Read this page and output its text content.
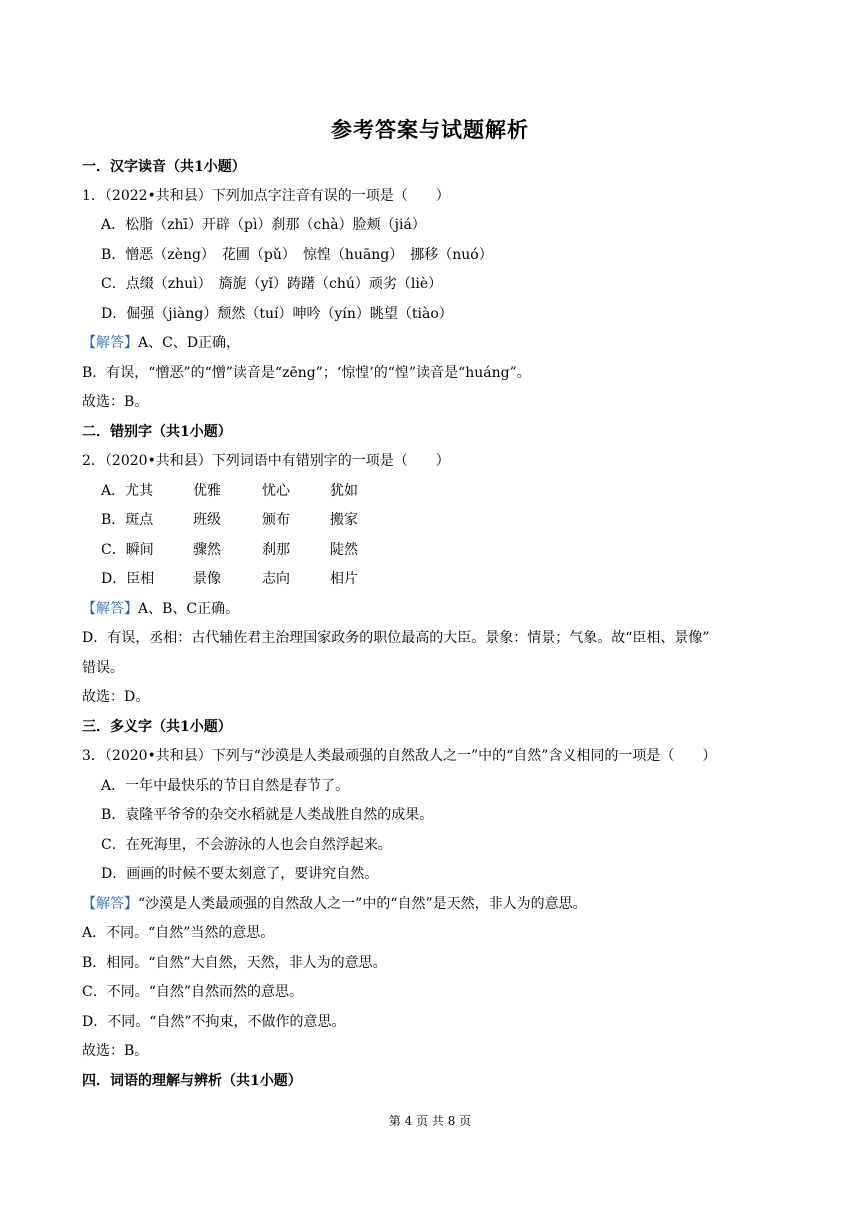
参考答案与试题解析
一．汉字读音（共1小题）
1．（2022•共和县）下列加点字注音有误的一项是（　　）
A．松脂（zhī）开辟（pì）刹那（chà）脸颊（jiá）
B．憎恶（zèng）　花圃（pǔ）　惊惶（huāng）　挪移（nuó）
C．点缀（zhuì）　旖旎（yǐ）踌躇（chú）顽劣（liè）
D．倔强（jiàng）颓然（tuí）呻吟（yín）眺望（tiào）
【解答】A、C、D正确，
B．有误，“憎恶”的“憎”读音是“zēng”；‘惊惶’的“惶”读音是“huáng”。
故选：B。
二．错别字（共1小题）
2．（2020•共和县）下列词语中有错别字的一项是（　　）
A．尤其	优雅	忧心	犹如
B．斑点	班级	颁布	搬家
C．瞬间	骤然	刹那	陡然
D．臣相	景像	志向	相片
【解答】A、B、C正确。
D．有误，丞相：古代辅佐君主治理国家政务的职位最高的大臣。景象：情景；气象。故“臣相、景像”
错误。
故选：D。
三．多义字（共1小题）
3．（2020•共和县）下列与“沙漠是人类最顽强的自然敌人之一”中的“自然”含义相同的一项是（　　）
A．一年中最快乐的节日自然是春节了。
B．袁隆平爷爷的杂交水稻就是人类战胜自然的成果。
C．在死海里，不会游泳的人也会自然浮起来。
D．画画的时候不要太刻意了，要讲究自然。
【解答】“沙漠是人类最顽强的自然敌人之一”中的“自然”是天然，非人为的意思。
A．不同。“自然”当然的意思。
B．相同。“自然”大自然，天然，非人为的意思。
C．不同。“自然”自然而然的意思。
D．不同。“自然”不拘束，不做作的意思。
故选：B。
四．词语的理解与辨析（共1小题）
第 4 页 共 8 页
